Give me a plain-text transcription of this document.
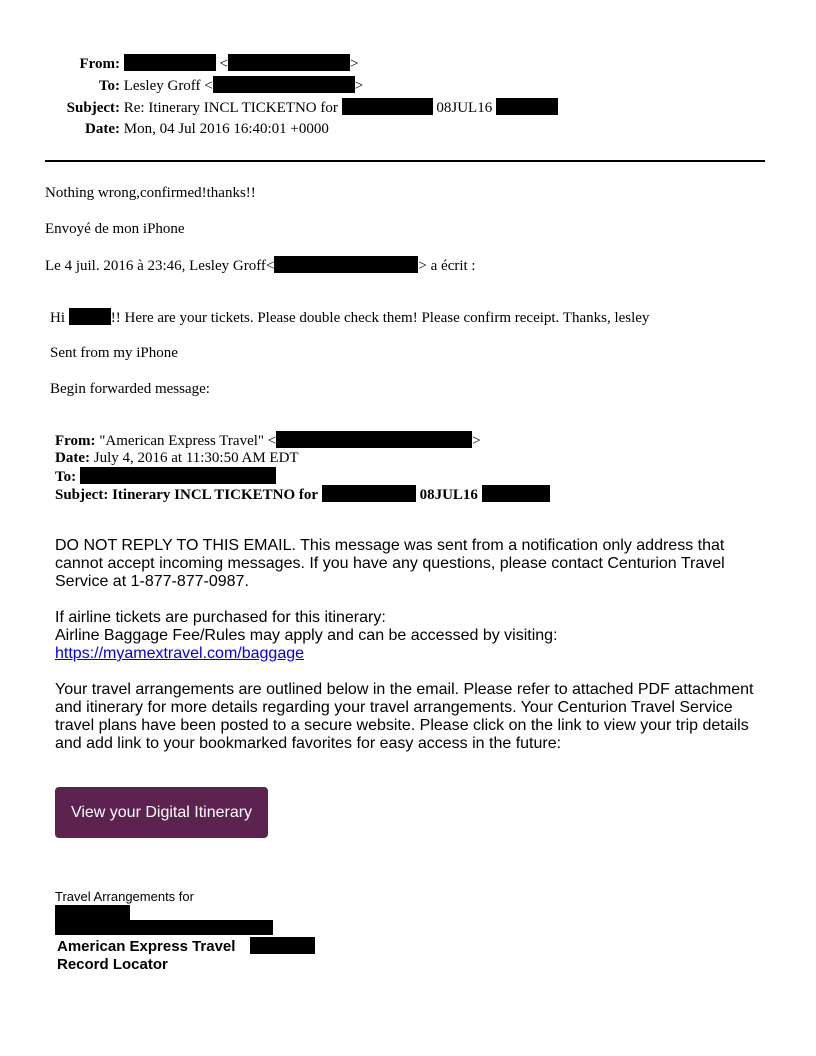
From:	<	>
To: Lesley Groff <	>
Subject: Re: Itinerary INCL TICKETNO for	08JUL16
Date: Mon, 04 Jul 2016 16:40:01 +0000
Nothing wrong,confirmed!thanks!!
Envoyé de mon iPhone
Le 4 juil. 2016 à 23:46, Lesley Groff<	> a écrit :
Hi	!! Here are your tickets. Please double check them! Please confirm receipt. Thanks, lesley
Sent from my iPhone
Begin forwarded message:
From: "American Express Travel" <	>
Date: July 4, 2016 at 11:30:50 AM EDT
To:
Subject: Itinerary INCL TICKETNO for	08JUL16
DO NOT REPLY TO THIS EMAIL. This message was sent from a notification only address that cannot accept incoming messages. If you have any questions, please contact Centurion Travel Service at 1-877-877-0987.
If airline tickets are purchased for this itinerary:
Airline Baggage Fee/Rules may apply and can be accessed by visiting:
https://myamextravel.com/baggage
Your travel arrangements are outlined below in the email. Please refer to attached PDF attachment and itinerary for more details regarding your travel arrangements. Your Centurion Travel Service travel plans have been posted to a secure website. Please click on the link to view your trip details and add link to your bookmarked favorites for easy access in the future:
View your Digital Itinerary
Travel Arrangements for
American Express Travel
Record Locator
